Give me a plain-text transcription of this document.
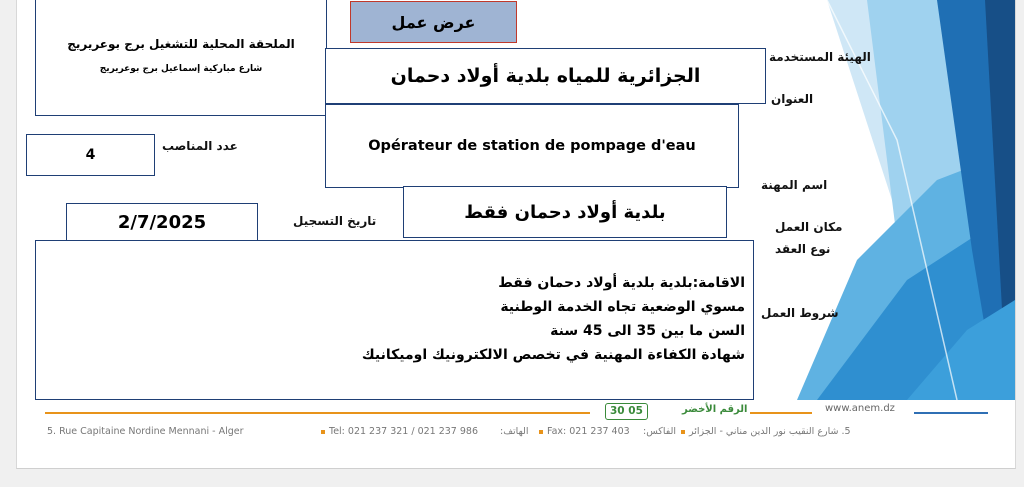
الملحقة المحلية للتشغيل برج بوعريريج
شارع مباركية إسماعيل برج بوعريريج
عرض عمل
الجزائرية للمياه بلدية أولاد دحمان
الهيئة المستخدمة
العنوان
Opérateur de station de pompage d'eau
اسم المهنة
4
عدد المناصب
بلدية أولاد دحمان فقط
مكان العمل
نوع العقد
2/7/2025	تاريخ التسجيل
الاقامة:بلدية بلدية أولاد دحمان فقط
مسوي الوضعية تجاه الخدمة الوطنية
السن ما بين 35 الى 45 سنة
شهادة الكفاءة المهنية في تخصص الالكترونيك اوميكانيك
شروط العمل
30 05	الرقم الأخضر	www.anem.dz
5. Rue Capitaine Nordine Mennani - Alger	Tel: 021 237 321 / 021 237 986 الهاتف: Fax: 021 237 403 الفاكس: 5. شارع النقيب نور الدين مناني - الجزائر
